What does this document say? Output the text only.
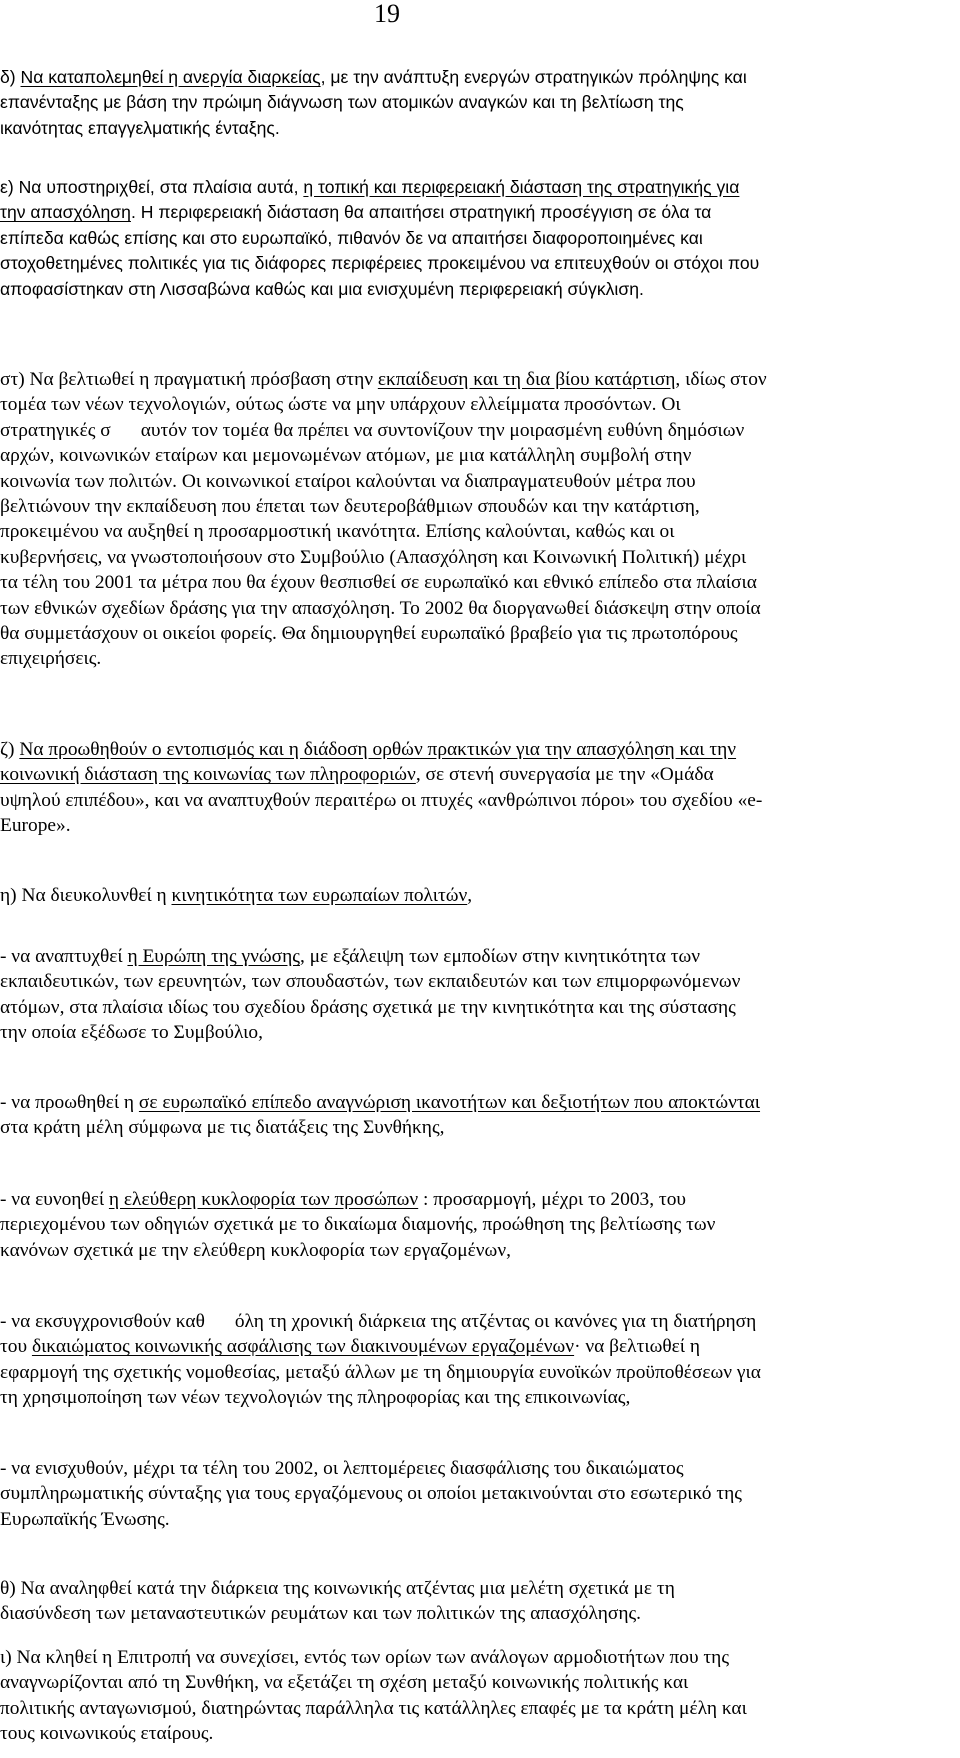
19
δ) Να καταπολεμηθεί η ανεργία διαρκείας, με την ανάπτυξη ενεργών στρατηγικών πρόληψης και
επανένταξης με βάση την πρώιμη διάγνωση των ατομικών αναγκών και τη βελτίωση της
ικανότητας επαγγελματικής ένταξης.
ε) Να υποστηριχθεί, στα πλαίσια αυτά, η τοπική και περιφερειακή διάσταση της στρατηγικής για
την απασχόληση. Η περιφερειακή διάσταση θα απαιτήσει στρατηγική προσέγγιση σε όλα τα
επίπεδα καθώς επίσης και στο ευρωπαϊκό, πιθανόν δε να απαιτήσει διαφοροποιημένες και
στοχοθετημένες πολιτικές για τις διάφορες περιφέρειες προκειμένου να επιτευχθούν οι στόχοι που
αποφασίστηκαν στη Λισσαβώνα καθώς και μια ενισχυμένη περιφερειακή σύγκλιση.
στ) Να βελτιωθεί η πραγματική πρόσβαση στην εκπαίδευση και τη δια βίου κατάρτιση, ιδίως στον
τομέα των νέων τεχνολογιών, ούτως ώστε να μην υπάρχουν ελλείμματα προσόντων. Οι
στρατηγικές σ αυτόν τον τομέα θα πρέπει να συντονίζουν την μοιρασμένη ευθύνη δημόσιων
αρχών, κοινωνικών εταίρων και μεμονωμένων ατόμων, με μια κατάλληλη συμβολή στην
κοινωνία των πολιτών. Οι κοινωνικοί εταίροι καλούνται να διαπραγματευθούν μέτρα που
βελτιώνουν την εκπαίδευση που έπεται των δευτεροβάθμιων σπουδών και την κατάρτιση,
προκειμένου να αυξηθεί η προσαρμοστική ικανότητα. Επίσης καλούνται, καθώς και οι
κυβερνήσεις, να γνωστοποιήσουν στο Συμβούλιο (Απασχόληση και Κοινωνική Πολιτική) μέχρι
τα τέλη του 2001 τα μέτρα που θα έχουν θεσπισθεί σε ευρωπαϊκό και εθνικό επίπεδο στα πλαίσια
των εθνικών σχεδίων δράσης για την απασχόληση. Το 2002 θα διοργανωθεί διάσκεψη στην οποία
θα συμμετάσχουν οι οικείοι φορείς. Θα δημιουργηθεί ευρωπαϊκό βραβείο για τις πρωτοπόρους
επιχειρήσεις.
ζ) Να προωθηθούν ο εντοπισμός και η διάδοση ορθών πρακτικών για την απασχόληση και την
κοινωνική διάσταση της κοινωνίας των πληροφοριών, σε στενή συνεργασία με την «Ομάδα
υψηλού επιπέδου», και να αναπτυχθούν περαιτέρω οι πτυχές «ανθρώπινοι πόροι» του σχεδίου «e-
Europe».
η) Να διευκολυνθεί η κινητικότητα των ευρωπαίων πολιτών,
- να αναπτυχθεί η Ευρώπη της γνώσης, με εξάλειψη των εμποδίων στην κινητικότητα των
εκπαιδευτικών, των ερευνητών, των σπουδαστών, των εκπαιδευτών και των επιμορφωνόμενων
ατόμων, στα πλαίσια ιδίως του σχεδίου δράσης σχετικά με την κινητικότητα και της σύστασης
την οποία εξέδωσε το Συμβούλιο,
- να προωθηθεί η σε ευρωπαϊκό επίπεδο αναγνώριση ικανοτήτων και δεξιοτήτων που αποκτώνται
στα κράτη μέλη σύμφωνα με τις διατάξεις της Συνθήκης,
- να ευνοηθεί η ελεύθερη κυκλοφορία των προσώπων : προσαρμογή, μέχρι το 2003, του
περιεχομένου των οδηγιών σχετικά με το δικαίωμα διαμονής, προώθηση της βελτίωσης των
κανόνων σχετικά με την ελεύθερη κυκλοφορία των εργαζομένων,
- να εκσυγχρονισθούν καθ όλη τη χρονική διάρκεια της ατζέντας οι κανόνες για τη διατήρηση
του δικαιώματος κοινωνικής ασφάλισης των διακινουμένων εργαζομένων· να βελτιωθεί η
εφαρμογή της σχετικής νομοθεσίας, μεταξύ άλλων με τη δημιουργία ευνοϊκών προϋποθέσεων για
τη χρησιμοποίηση των νέων τεχνολογιών της πληροφορίας και της επικοινωνίας,
- να ενισχυθούν, μέχρι τα τέλη του 2002, οι λεπτομέρειες διασφάλισης του δικαιώματος
συμπληρωματικής σύνταξης για τους εργαζόμενους οι οποίοι μετακινούνται στο εσωτερικό της
Ευρωπαϊκής Ένωσης.
θ) Να αναληφθεί κατά την διάρκεια της κοινωνικής ατζέντας μια μελέτη σχετικά με τη
διασύνδεση των μεταναστευτικών ρευμάτων και των πολιτικών της απασχόλησης.
ι) Να κληθεί η Επιτροπή να συνεχίσει, εντός των ορίων των ανάλογων αρμοδιοτήτων που της
αναγνωρίζονται από τη Συνθήκη, να εξετάζει τη σχέση μεταξύ κοινωνικής πολιτικής και
πολιτικής ανταγωνισμού, διατηρώντας παράλληλα τις κατάλληλες επαφές με τα κράτη μέλη και
τους κοινωνικούς εταίρους.
